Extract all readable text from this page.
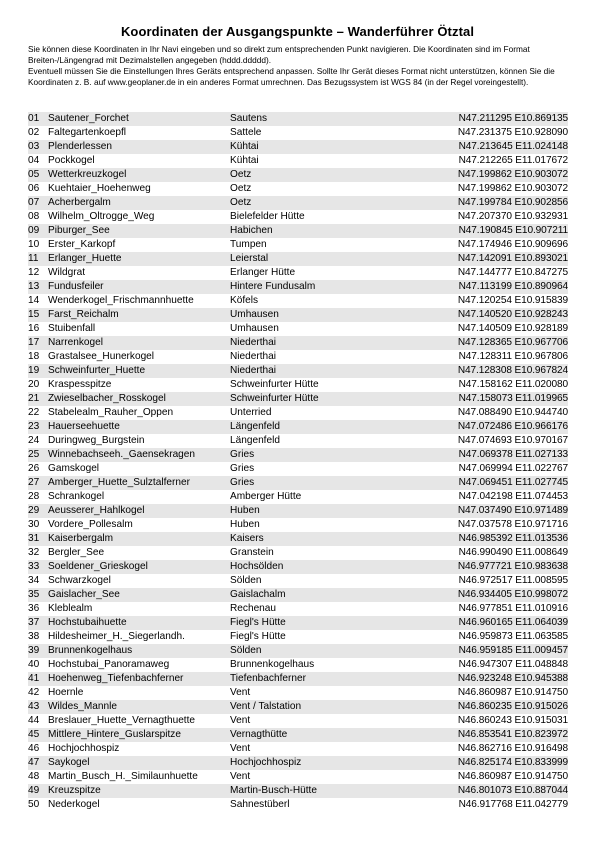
Koordinaten der Ausgangspunkte – Wanderführer Ötztal

Sie können diese Koordinaten in Ihr Navi eingeben und so direkt zum entsprechenden Punkt navigieren. Die Koordinaten sind im Format Breiten-/Längengrad mit Dezimalstellen angegeben (hddd.ddddd).

Eventuell müssen Sie die Einstellungen Ihres Geräts entsprechend anpassen. Sollte Ihr Gerät dieses Format nicht unterstützen, können Sie die Koordinaten z. B. auf www.geoplaner.de in ein anderes Format umrechnen. Das Bezugssystem ist WGS 84 (in der Regel voreingestellt).

01 Sautener_Forchet	Sautens	N47.211295 E10.869135
02 Faltegartenkoepfl	Sattele	N47.231375 E10.928090
03 Plenderlessen	Kühtai	N47.213645 E11.024148
04 Pockkogel	Kühtai	N47.212265 E11.017672
05 Wetterkreuzkogel	Oetz	N47.199862 E10.903072
06 Kuehtaier_Hoehenweg	Oetz	N47.199862 E10.903072
07 Acherbergalm	Oetz	N47.199784 E10.902856
08 Wilhelm_Oltrogge_Weg	Bielefelder Hütte	N47.207370 E10.932931
09 Piburger_See	Habichen	N47.190845 E10.907211
10 Erster_Karkopf	Tumpen	N47.174946 E10.909696
11 Erlanger_Huette	Leierstal	N47.142091 E10.893021
12 Wildgrat	Erlanger Hütte	N47.144777 E10.847275
13 Fundusfeiler	Hintere Fundusalm	N47.113199 E10.890964
14 Wenderkogel_Frischmannhuette	Köfels	N47.120254 E10.915839
15 Farst_Reichalm	Umhausen	N47.140520 E10.928243
16 Stuibenfall	Umhausen	N47.140509 E10.928189
17 Narrenkogel	Niederthai	N47.128365 E10.967706
18 Grastalsee_Hunerkogel	Niederthai	N47.128311 E10.967806
19 Schweinfurter_Huette	Niederthai	N47.128308 E10.967824
20 Kraspesspitze	Schweinfurter Hütte	N47.158162 E11.020080
21 Zwieselbacher_Rosskogel	Schweinfurter Hütte	N47.158073 E11.019965
22 Stabelealm_Rauher_Oppen	Unterried	N47.088490 E10.944740
23 Hauerseehuette	Längenfeld	N47.072486 E10.966176
24 Duringweg_Burgstein	Längenfeld	N47.074693 E10.970167
25 Winnebachseeh._Gaensekragen	Gries	N47.069378 E11.027133
26 Gamskogel	Gries	N47.069994 E11.022767
27 Amberger_Huette_Sulztalferner	Gries	N47.069451 E11.027745
28 Schrankogel	Amberger Hütte	N47.042198 E11.074453
29 Aeusserer_Hahlkogel	Huben	N47.037490 E10.971489
30 Vordere_Pollesalm	Huben	N47.037578 E10.971716
31 Kaiserbergalm	Kaisers	N46.985392 E11.013536
32 Bergler_See	Granstein	N46.990490 E11.008649
33 Soeldener_Grieskogel	Hochsölden	N46.977721 E10.983638
34 Schwarzkogel	Sölden	N46.972517 E11.008595
35 Gaislacher_See	Gaislachalm	N46.934405 E10.998072
36 Kleblealm	Rechenau	N46.977851 E11.010916
37 Hochstubaihuette	Fiegl's Hütte	N46.960165 E11.064039
38 Hildesheimer_H._Siegerlandh.	Fiegl's Hütte	N46.959873 E11.063585
39 Brunnenkogelhaus	Sölden	N46.959185 E11.009457
40 Hochstubai_Panoramaweg	Brunnenkogelhaus	N46.947307 E11.048848
41 Hoehenweg_Tiefenbachferner	Tiefenbachferner	N46.923248 E10.945388
42 Hoernle	Vent	N46.860987 E10.914750
43 Wildes_Mannle	Vent / Talstation	N46.860235 E10.915026
44 Breslauer_Huette_Vernagthuette	Vent	N46.860243 E10.915031
45 Mittlere_Hintere_Guslarspitze	Vernagthütte	N46.853541 E10.823972
46 Hochjochhospiz	Vent	N46.862716 E10.916498
47 Saykogel	Hochjochhospiz	N46.825174 E10.833999
48 Martin_Busch_H._Similaunhuette	Vent	N46.860987 E10.914750
49 Kreuzspitze	Martin-Busch-Hütte	N46.801073 E10.887044
50 Nederkogel	Sahnestüberl	N46.917768 E11.042779
